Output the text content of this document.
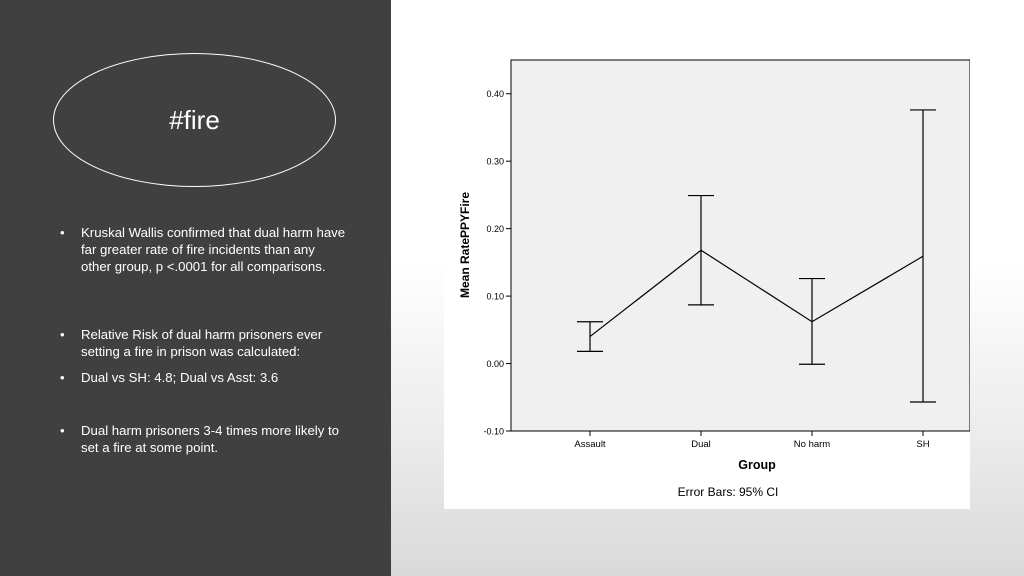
#fire
•	Kruskal Wallis confirmed that dual harm have far greater rate of fire incidents than any other group, p <.0001 for all comparisons.
•	Relative Risk of dual harm prisoners ever setting a fire in prison was calculated:
•	Dual vs SH: 4.8; Dual vs Asst: 3.6
•	Dual harm prisoners 3-4 times more likely to set a fire at some point.
-0.10
0.00
0.10
0.20
0.30
0.40
Assault	Dual	No harm	SH
Mean RatePPYFire
Group
Error Bars: 95% CI
